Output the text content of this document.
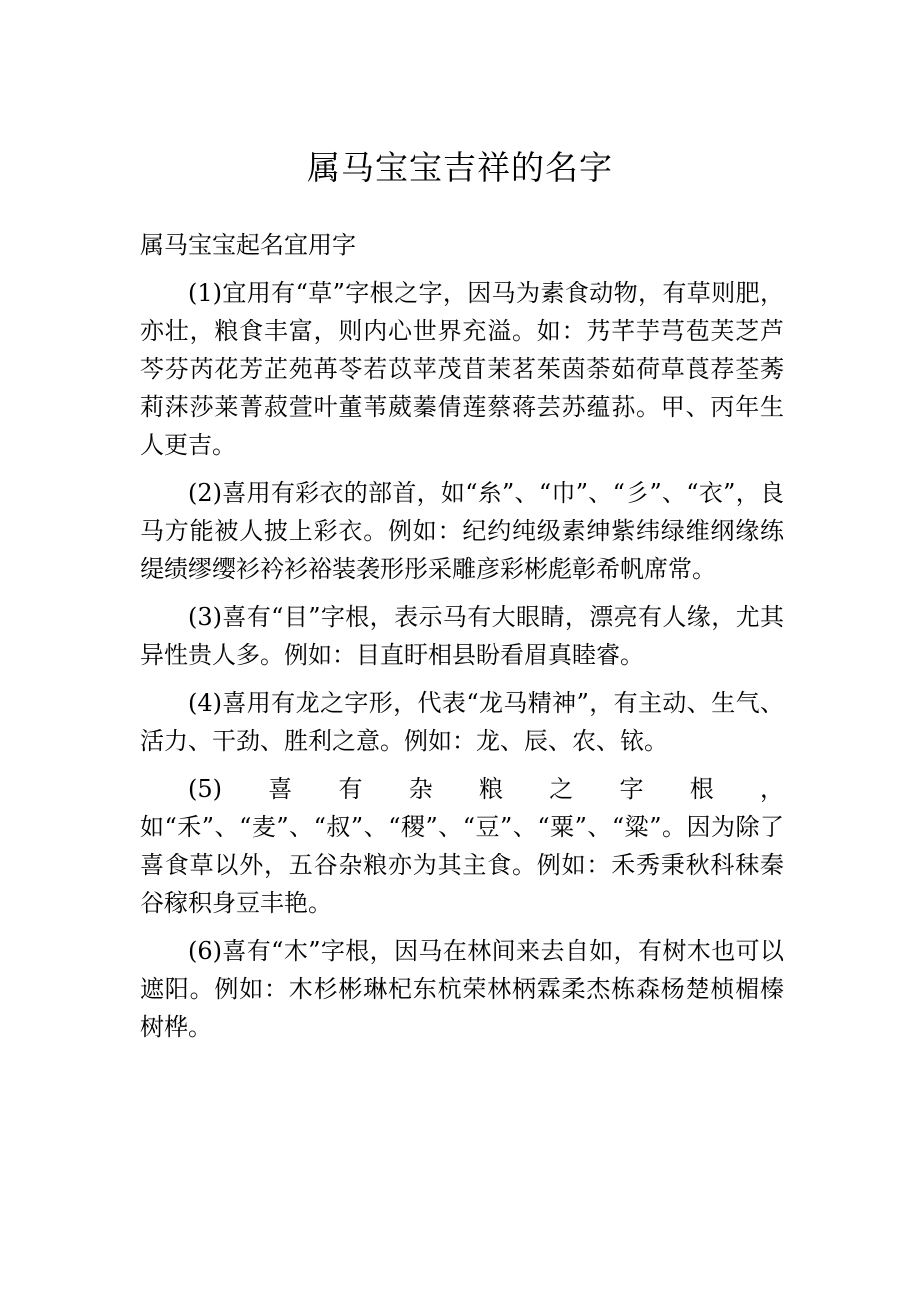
属马宝宝吉祥的名字

属马宝宝起名宜用字

(1)宜用有“草”字根之字，因马为素食动物，有草则肥，亦壮，粮食丰富，则内心世界充溢。如：艿芊芋芎苞芙芝芦芩芬芮花芳芷苑苒苓若苡苹茂苜茉茗茱茵荼茹荷草莨荐荃莠莉莯莎莱菁菽萱叶董苇葳蓁倩莲蔡蒋芸苏蕴荪。甲、丙年生人更吉。

(2)喜用有彩衣的部首，如“糸”、“巾”、“彡”、“衣”，良马方能被人披上彩衣。例如：纪约纯级素绅紫纬绿维纲缘练缇绩缪缨衫衿衫裕装袭形彤采雕彦彩彬彪彰希帆席常。

(3)喜有“目”字根，表示马有大眼睛，漂亮有人缘，尤其异性贵人多。例如：目直盱相县盼看眉真睦睿。

(4)喜用有龙之字形，代表“龙马精神”，有主动、生气、活力、干劲、胜利之意。例如：龙、辰、农、铱。

(5)喜有杂粮之字根，如“禾”、“麦”、“叔”、“稷”、“豆”、“粟”、“粱”。因为除了喜食草以外，五谷杂粮亦为其主食。例如：禾秀秉秋科秣秦谷稼积身豆丰艳。

(6)喜有“木”字根，因马在林间来去自如，有树木也可以遮阳。例如：木杉彬琳杞东杭荣林柄霖柔杰栋森杨楚桢楣榛树桦。
